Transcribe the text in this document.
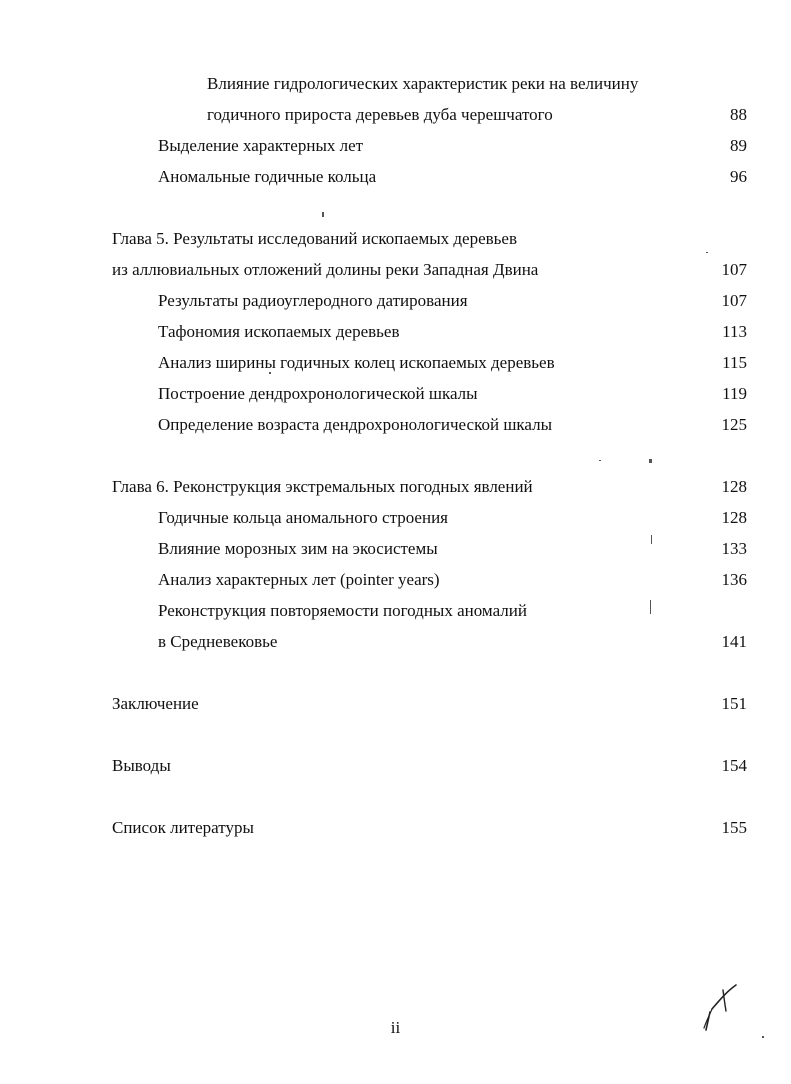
Влияние гидрологических характеристик реки на величину
годичного прироста деревьев дуба черешчатого	88
Выделение характерных лет	89
Аномальные годичные кольца	96
Глава 5. Результаты исследований ископаемых деревьев
из аллювиальных отложений долины реки Западная Двина	107
Результаты радиоуглеродного датирования	107
Тафономия ископаемых деревьев	113
Анализ ширины годичных колец ископаемых деревьев	115
Построение дендрохронологической шкалы	119
Определение возраста дендрохронологической шкалы	125
Глава 6. Реконструкция экстремальных погодных явлений	128
Годичные кольца аномального строения	128
Влияние морозных зим на экосистемы	133
Анализ характерных лет (pointer years)	136
Реконструкция повторяемости погодных аномалий
в Средневековье	141
Заключение	151
Выводы	154
Список литературы	155
ii
